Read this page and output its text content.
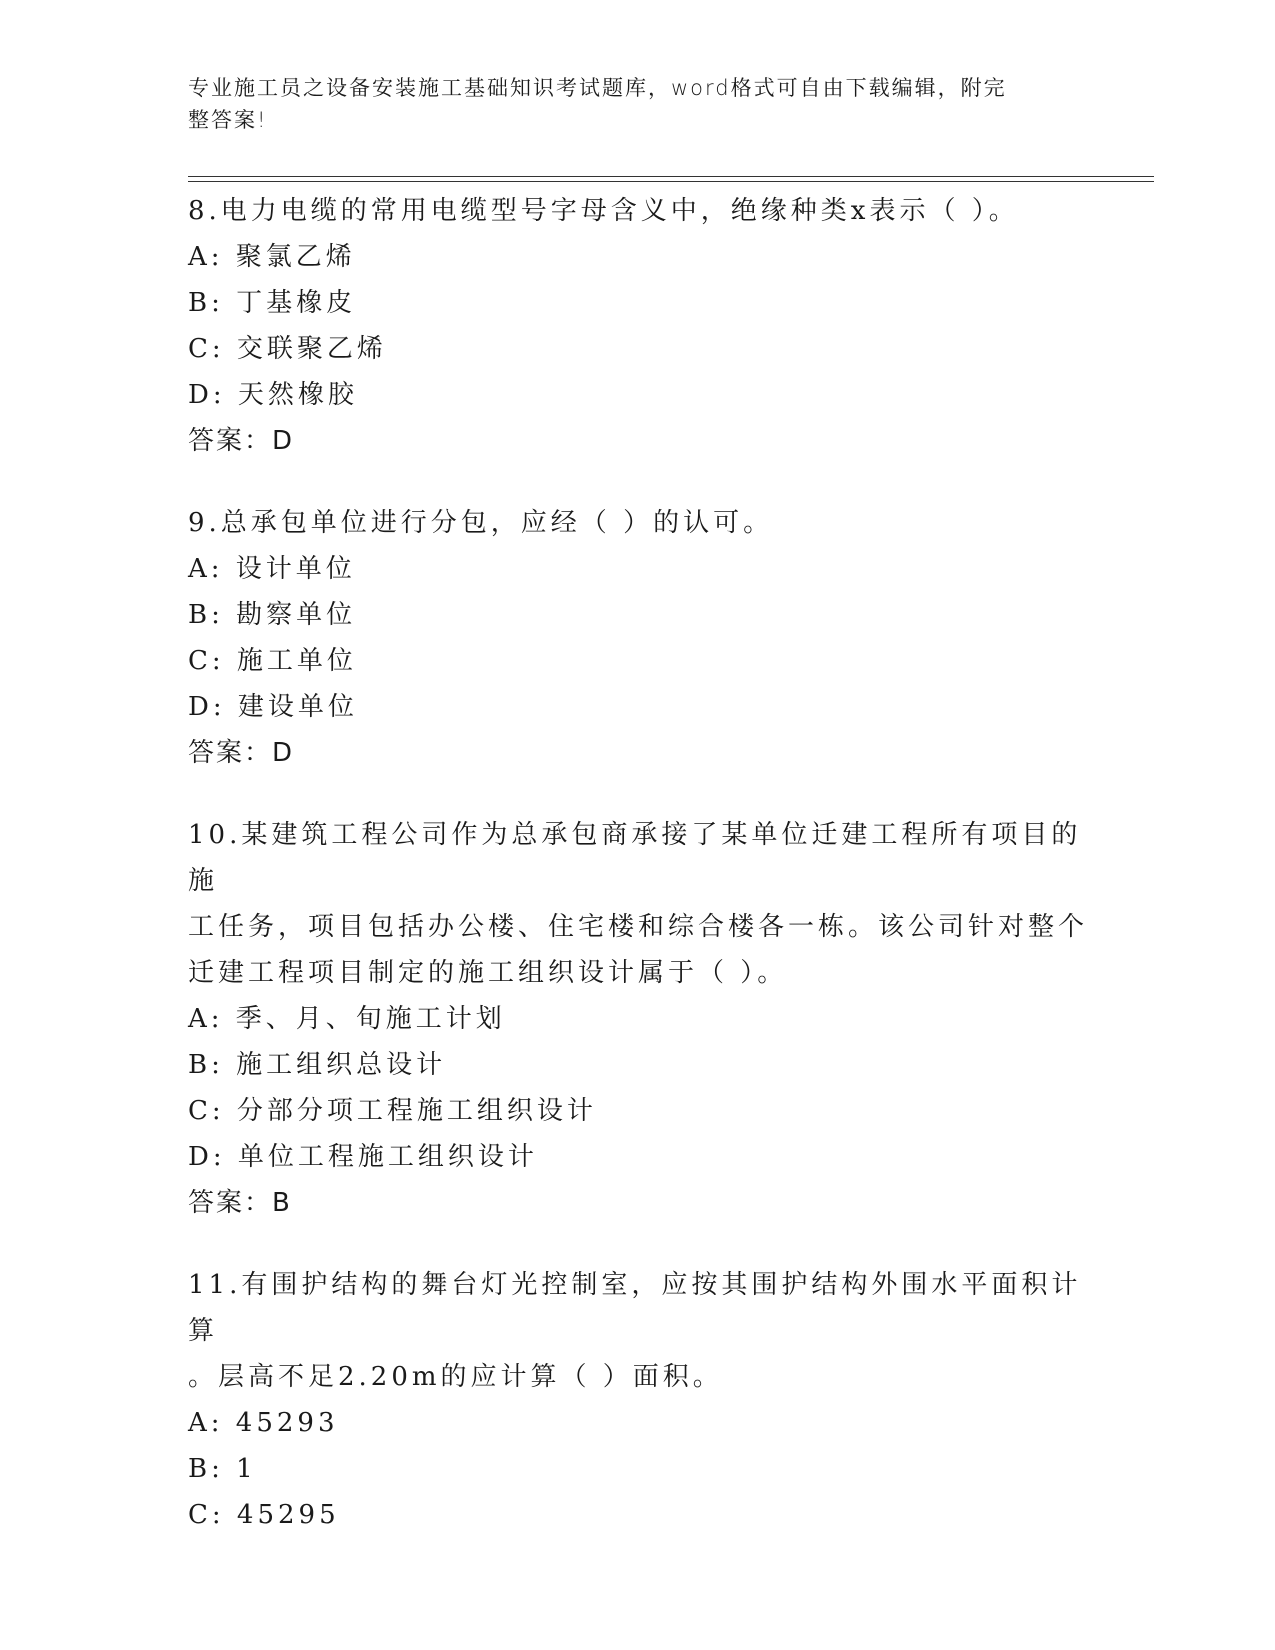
专业施工员之设备安装施工基础知识考试题库，word格式可自由下载编辑，附完
整答案!
8.电力电缆的常用电缆型号字母含义中，绝缘种类x表示（ ）。
A: 聚氯乙烯
B: 丁基橡皮
C: 交联聚乙烯
D: 天然橡胶
答案：D
9.总承包单位进行分包，应经（ ）的认可。
A: 设计单位
B: 勘察单位
C: 施工单位
D: 建设单位
答案：D
10.某建筑工程公司作为总承包商承接了某单位迁建工程所有项目的施
工任务，项目包括办公楼、住宅楼和综合楼各一栋。该公司针对整个
迁建工程项目制定的施工组织设计属于（ ）。
A: 季、月、旬施工计划
B: 施工组织总设计
C: 分部分项工程施工组织设计
D: 单位工程施工组织设计
答案：B
11.有围护结构的舞台灯光控制室，应按其围护结构外围水平面积计算
。层高不足2.20m的应计算（ ）面积。
A: 45293
B: 1
C: 45295
